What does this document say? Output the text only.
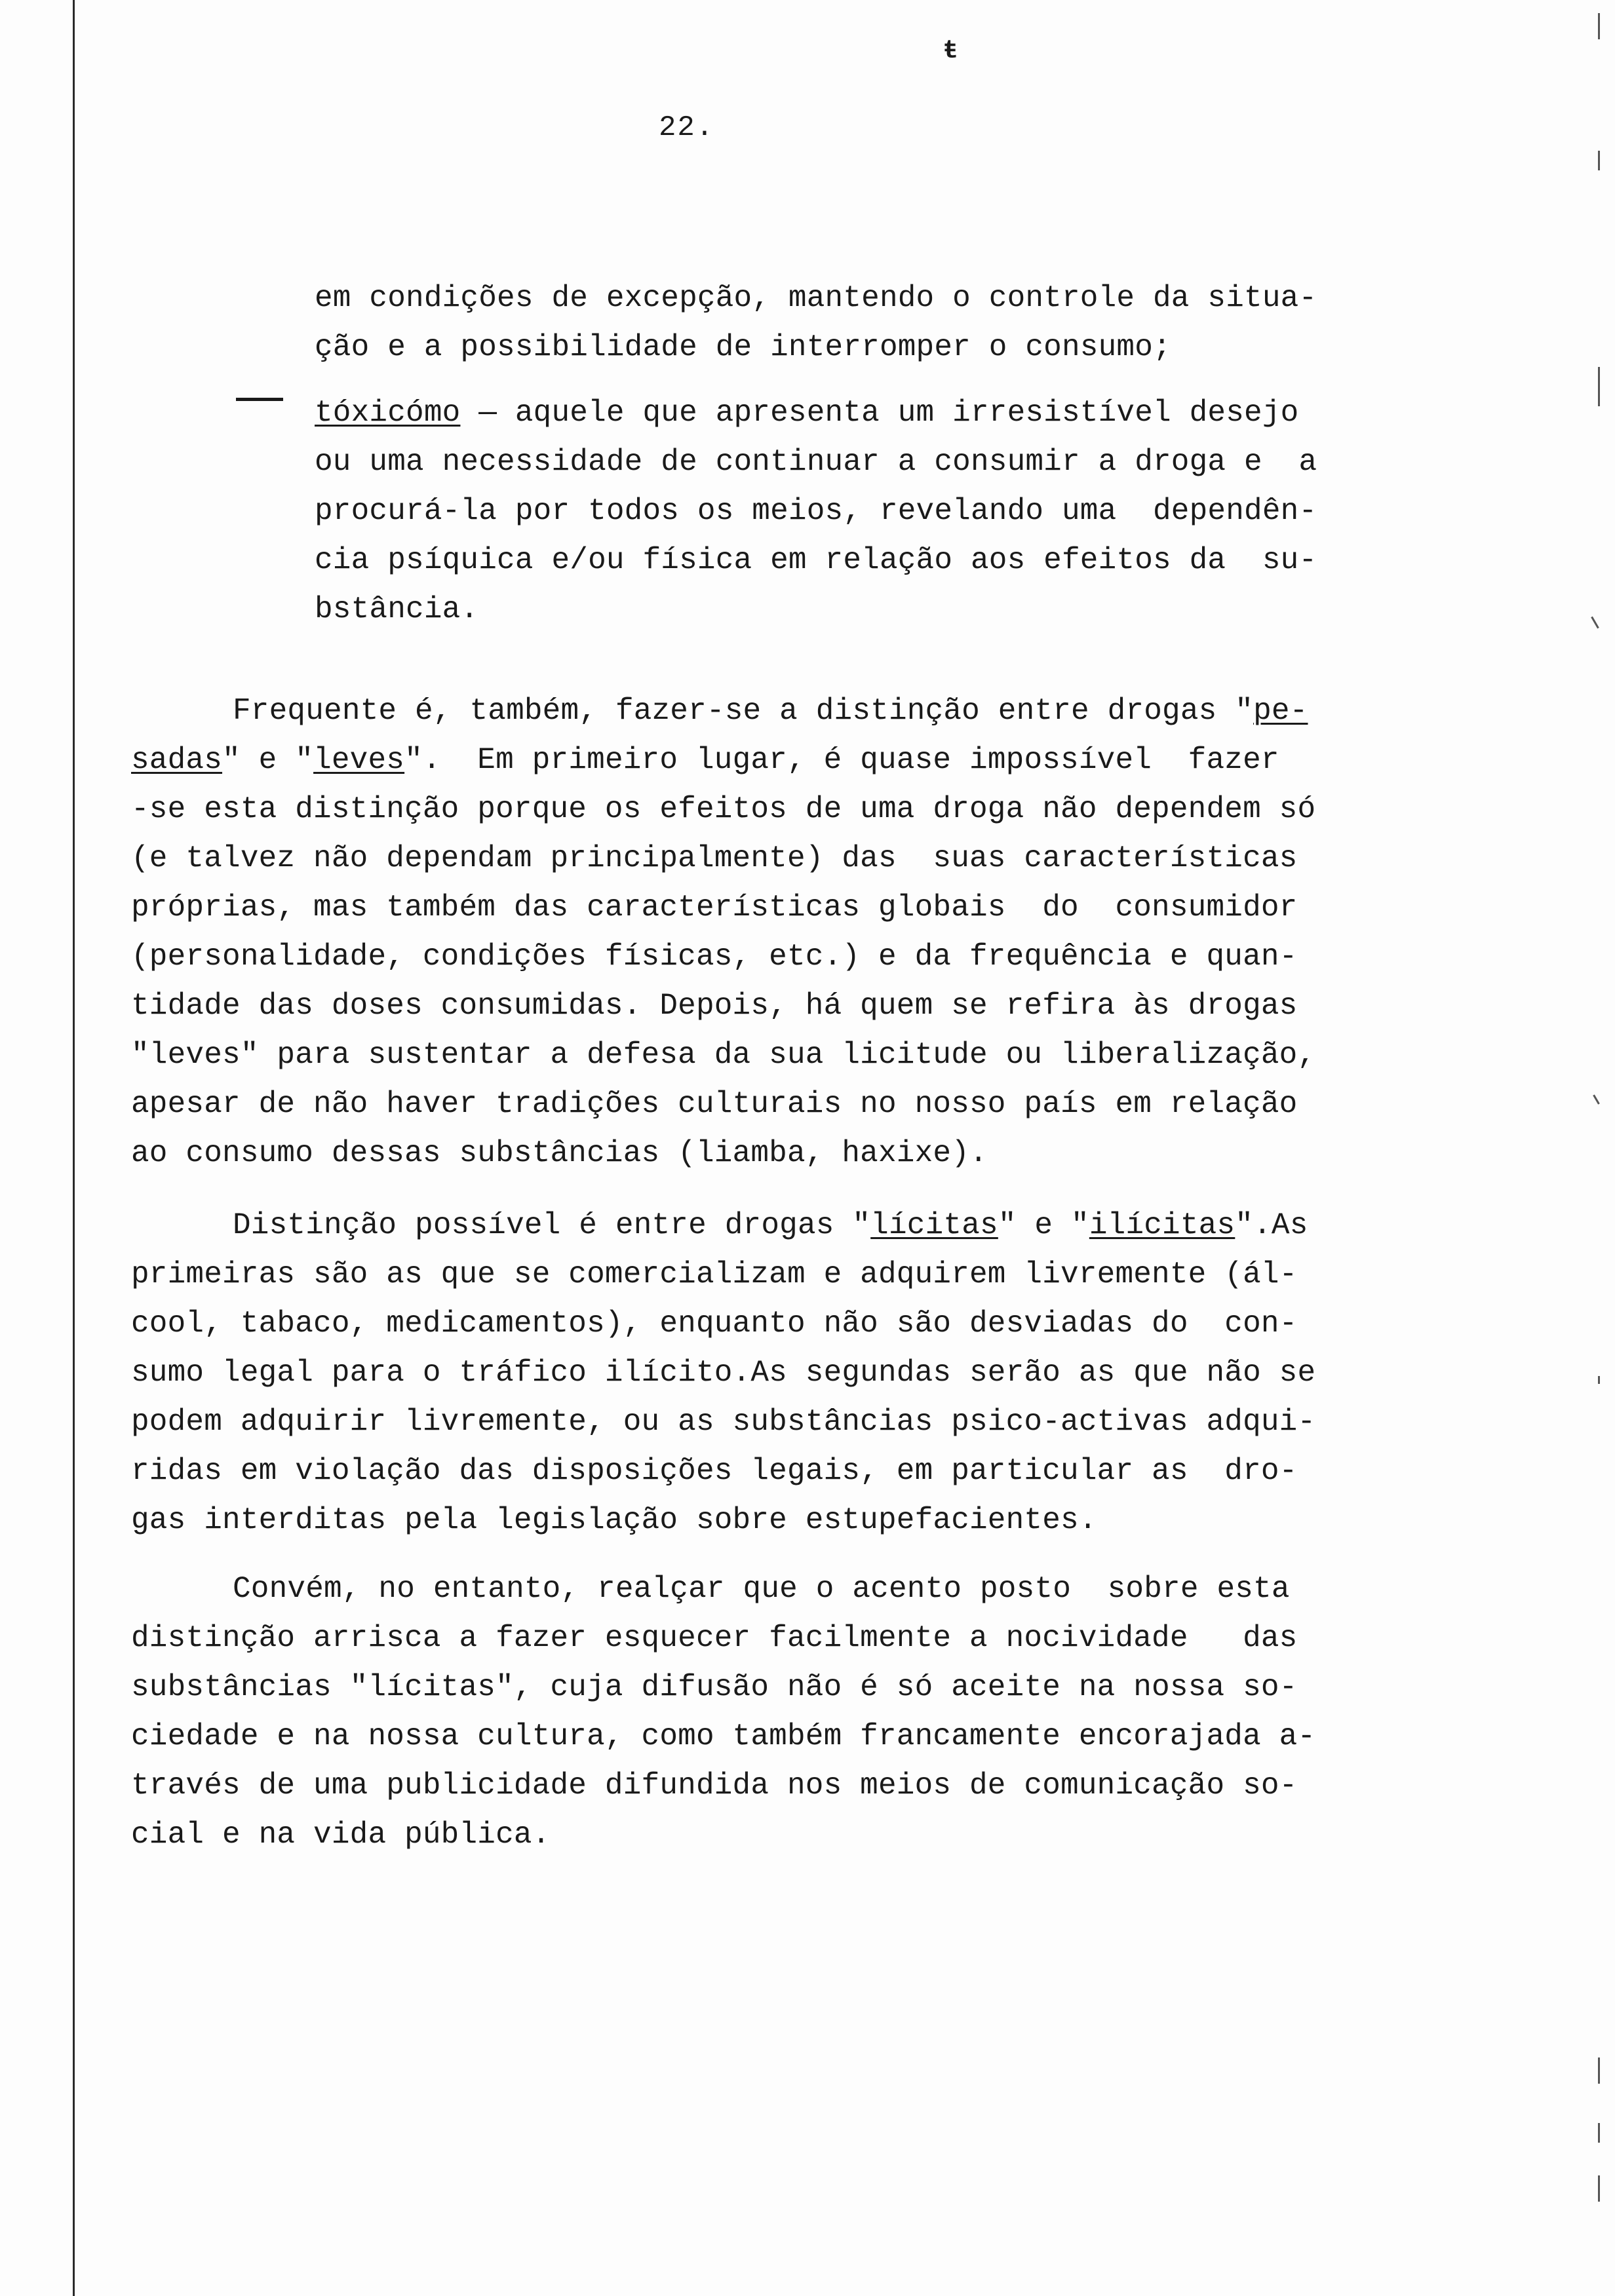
ŧ
22.
em condições de excepção, mantendo o controle da situa-
ção e a possibilidade de interromper o consumo;
tóxicómo — aquele que apresenta um irresistível desejo
ou uma necessidade de continuar a consumir a droga e  a
procurá-la por todos os meios, revelando uma  dependên-
cia psíquica e/ou física em relação aos efeitos da  su-
bstância.
Frequente é, também, fazer-se a distinção entre drogas "pe-
sadas" e "leves".  Em primeiro lugar, é quase impossível  fazer
-se esta distinção porque os efeitos de uma droga não dependem só
(e talvez não dependam principalmente) das  suas características
próprias, mas também das características globais  do  consumidor
(personalidade, condições físicas, etc.) e da frequência e quan-
tidade das doses consumidas. Depois, há quem se refira às drogas
"leves" para sustentar a defesa da sua licitude ou liberalização,
apesar de não haver tradições culturais no nosso país em relação
ao consumo dessas substâncias (liamba, haxixe).
Distinção possível é entre drogas "lícitas" e "ilícitas".As
primeiras são as que se comercializam e adquirem livremente (ál-
cool, tabaco, medicamentos), enquanto não são desviadas do  con-
sumo legal para o tráfico ilícito.As segundas serão as que não se
podem adquirir livremente, ou as substâncias psico-activas adqui-
ridas em violação das disposições legais, em particular as  dro-
gas interditas pela legislação sobre estupefacientes.
Convém, no entanto, realçar que o acento posto  sobre esta
distinção arrisca a fazer esquecer facilmente a nocividade   das
substâncias "lícitas", cuja difusão não é só aceite na nossa so-
ciedade e na nossa cultura, como também francamente encorajada a-
través de uma publicidade difundida nos meios de comunicação so-
cial e na vida pública.
